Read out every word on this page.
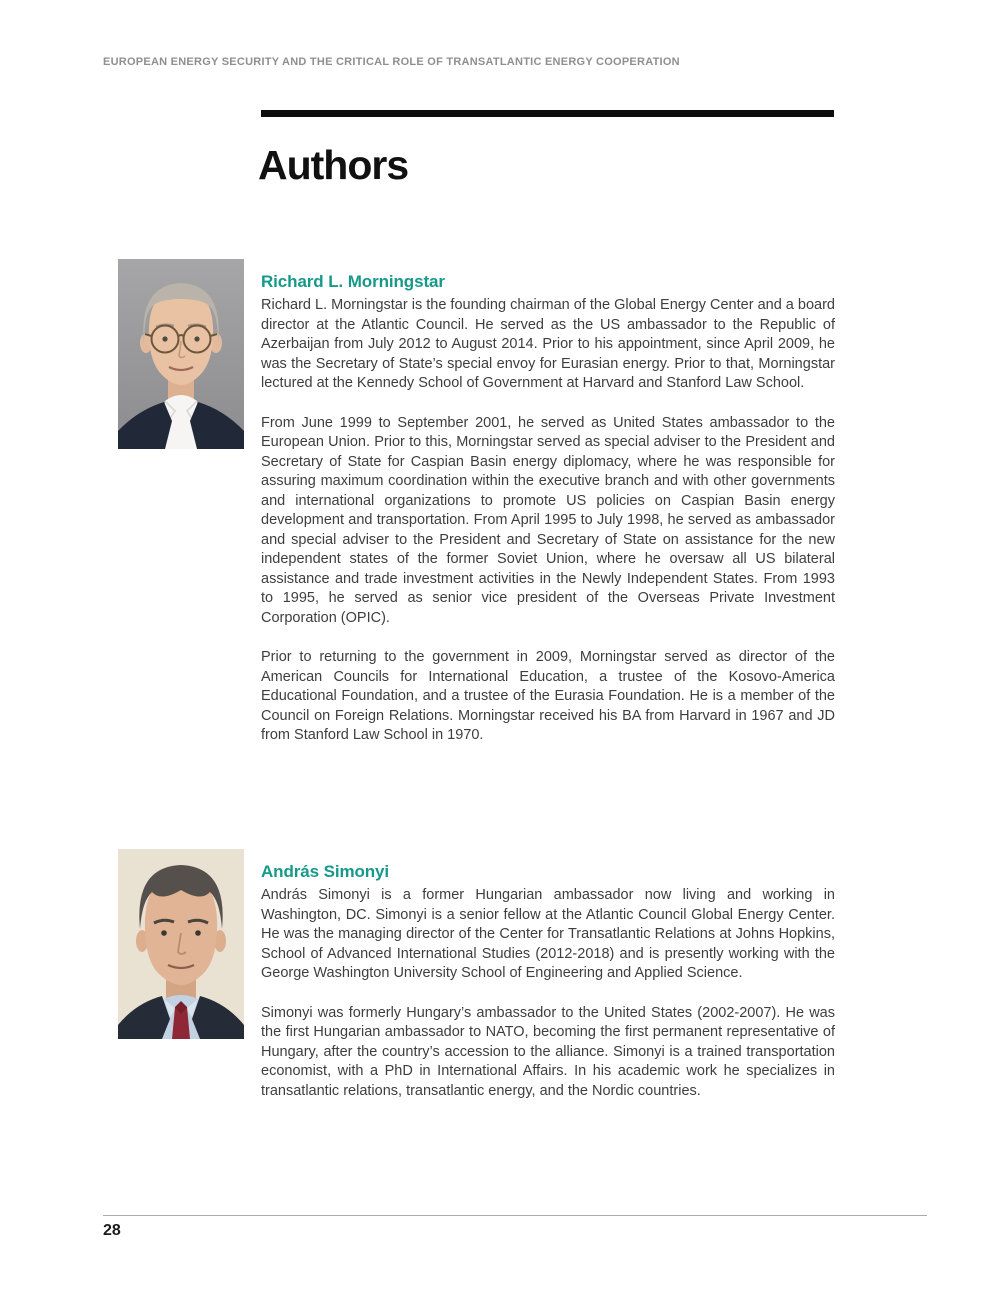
EUROPEAN ENERGY SECURITY AND THE CRITICAL ROLE OF TRANSATLANTIC ENERGY COOPERATION
Authors
Richard L. Morningstar

Richard L. Morningstar is the founding chairman of the Global Energy Center and a board director at the Atlantic Council. He served as the US ambassador to the Republic of Azerbaijan from July 2012 to August 2014. Prior to his appointment, since April 2009, he was the Secretary of State’s special envoy for Eurasian energy. Prior to that, Morningstar lectured at the Kennedy School of Government at Harvard and Stanford Law School.

From June 1999 to September 2001, he served as United States ambassador to the European Union. Prior to this, Morningstar served as special adviser to the President and Secretary of State for Caspian Basin energy diplomacy, where he was responsible for assuring maximum coordination within the executive branch and with other governments and international organizations to promote US policies on Caspian Basin energy development and transportation. From April 1995 to July 1998, he served as ambassador and special adviser to the President and Secretary of State on assistance for the new independent states of the former Soviet Union, where he oversaw all US bilateral assistance and trade investment activities in the Newly Independent States. From 1993 to 1995, he served as senior vice president of the Overseas Private Investment Corporation (OPIC).

Prior to returning to the government in 2009, Morningstar served as director of the American Councils for International Education, a trustee of the Kosovo-America Educational Foundation, and a trustee of the Eurasia Foundation. He is a member of the Council on Foreign Relations. Morningstar received his BA from Harvard in 1967 and JD from Stanford Law School in 1970.

András Simonyi

András Simonyi is a former Hungarian ambassador now living and working in Washington, DC. Simonyi is a senior fellow at the Atlantic Council Global Energy Center. He was the managing director of the Center for Transatlantic Relations at Johns Hopkins, School of Advanced International Studies (2012-2018) and is presently working with the George Washington University School of Engineering and Applied Science.

Simonyi was formerly Hungary’s ambassador to the United States (2002-2007). He was the first Hungarian ambassador to NATO, becoming the first permanent representative of Hungary, after the country’s accession to the alliance. Simonyi is a trained transportation economist, with a PhD in International Affairs. In his academic work he specializes in transatlantic relations, transatlantic energy, and the Nordic countries.

28
